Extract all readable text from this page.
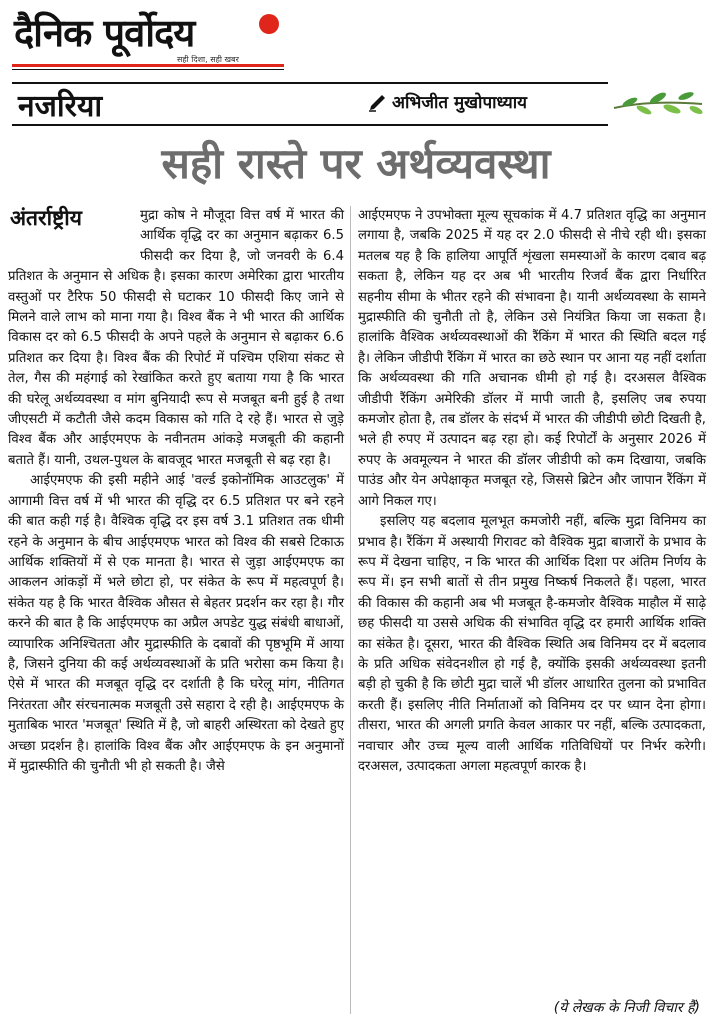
दैनिक पूर्वोदय
सही दिशा, सही खबर
नजरिया	अभिजीत मुखोपाध्याय
सही रास्ते पर अर्थव्यवस्था
अंतर्राष्ट्रीय	मुद्रा कोष ने मौजूदा वित्त वर्ष में भारत की आर्थिक वृद्धि दर का अनुमान बढ़ाकर 6.5 फीसदी कर दिया है, जो जनवरी के 6.4 प्रतिशत के अनुमान से अधिक है। इसका कारण अमेरिका द्वारा भारतीय वस्तुओं पर टैरिफ 50 फीसदी से घटाकर 10 फीसदी किए जाने से मिलने वाले लाभ को माना गया है। विश्व बैंक ने भी भारत की आर्थिक विकास दर को 6.5 फीसदी के अपने पहले के अनुमान से बढ़ाकर 6.6 प्रतिशत कर दिया है। विश्व बैंक की रिपोर्ट में पश्चिम एशिया संकट से तेल, गैस की महंगाई को रेखांकित करते हुए बताया गया है कि भारत की घरेलू अर्थव्यवस्था व मांग बुनियादी रूप से मजबूत बनी हुई है तथा जीएसटी में कटौती जैसे कदम विकास को गति दे रहे हैं। भारत से जुड़े विश्व बैंक और आईएमएफ के नवीनतम आंकड़े मजबूती की कहानी बताते हैं। यानी, उथल-पुथल के बावजूद भारत मजबूती से बढ़ रहा है।

आईएमएफ की इसी महीने आई 'वर्ल्ड इकोनॉमिक आउटलुक' में आगामी वित्त वर्ष में भी भारत की वृद्धि दर 6.5 प्रतिशत पर बने रहने की बात कही गई है। वैश्विक वृद्धि दर इस वर्ष 3.1 प्रतिशत तक धीमी रहने के अनुमान के बीच आईएमएफ भारत को विश्व की सबसे टिकाऊ आर्थिक शक्तियों में से एक मानता है। भारत से जुड़ा आईएमएफ का आकलन आंकड़ों में भले छोटा हो, पर संकेत के रूप में महत्वपूर्ण है। संकेत यह है कि भारत वैश्विक औसत से बेहतर प्रदर्शन कर रहा है। गौर करने की बात है कि आईएमएफ का अप्रैल अपडेट युद्ध संबंधी बाधाओं, व्यापारिक अनिश्चितता और मुद्रास्फीति के दबावों की पृष्ठभूमि में आया है, जिसने दुनिया की कई अर्थव्यवस्थाओं के प्रति भरोसा कम किया है। ऐसे में भारत की मजबूत वृद्धि दर दर्शाती है कि घरेलू मांग, नीतिगत निरंतरता और संरचनात्मक मजबूती उसे सहारा दे रही है। आईएमएफ के मुताबिक भारत 'मजबूत' स्थिति में है, जो बाहरी अस्थिरता को देखते हुए अच्छा प्रदर्शन है। हालांकि विश्व बैंक और आईएमएफ के इन अनुमानों में मुद्रास्फीति की चुनौती भी हो सकती है। जैसे

आईएमएफ ने उपभोक्ता मूल्य सूचकांक में 4.7 प्रतिशत वृद्धि का अनुमान लगाया है, जबकि 2025 में यह दर 2.0 फीसदी से नीचे रही थी। इसका मतलब यह है कि हालिया आपूर्ति शृंखला समस्याओं के कारण दबाव बढ़ सकता है, लेकिन यह दर अब भी भारतीय रिजर्व बैंक द्वारा निर्धारित सहनीय सीमा के भीतर रहने की संभावना है। यानी अर्थव्यवस्था के सामने मुद्रास्फीति की चुनौती तो है, लेकिन उसे नियंत्रित किया जा सकता है। हालांकि वैश्विक अर्थव्यवस्थाओं की रैंकिंग में भारत की स्थिति बदल गई है। लेकिन जीडीपी रैंकिंग में भारत का छठे स्थान पर आना यह नहीं दर्शाता कि अर्थव्यवस्था की गति अचानक धीमी हो गई है। दरअसल वैश्विक जीडीपी रैंकिंग अमेरिकी डॉलर में मापी जाती है, इसलिए जब रुपया कमजोर होता है, तब डॉलर के संदर्भ में भारत की जीडीपी छोटी दिखती है, भले ही रुपए में उत्पादन बढ़ रहा हो। कई रिपोर्टों के अनुसार 2026 में रुपए के अवमूल्यन ने भारत की डॉलर जीडीपी को कम दिखाया, जबकि पाउंड और येन अपेक्षाकृत मजबूत रहे, जिससे ब्रिटेन और जापान रैंकिंग में आगे निकल गए।

इसलिए यह बदलाव मूलभूत कमजोरी नहीं, बल्कि मुद्रा विनिमय का प्रभाव है। रैंकिंग में अस्थायी गिरावट को वैश्विक मुद्रा बाजारों के प्रभाव के रूप में देखना चाहिए, न कि भारत की आर्थिक दिशा पर अंतिम निर्णय के रूप में। इन सभी बातों से तीन प्रमुख निष्कर्ष निकलते हैं। पहला, भारत की विकास की कहानी अब भी मजबूत है-कमजोर वैश्विक माहौल में साढ़े छह फीसदी या उससे अधिक की संभावित वृद्धि दर हमारी आर्थिक शक्ति का संकेत है। दूसरा, भारत की वैश्विक स्थिति अब विनिमय दर में बदलाव के प्रति अधिक संवेदनशील हो गई है, क्योंकि इसकी अर्थव्यवस्था इतनी बड़ी हो चुकी है कि छोटी मुद्रा चालें भी डॉलर आधारित तुलना को प्रभावित करती हैं। इसलिए नीति निर्माताओं को विनिमय दर पर ध्यान देना होगा। तीसरा, भारत की अगली प्रगति केवल आकार पर नहीं, बल्कि उत्पादकता, नवाचार और उच्च मूल्य वाली आर्थिक गतिविधियों पर निर्भर करेगी। दरअसल, उत्पादकता अगला महत्वपूर्ण कारक है।

(ये लेखक के निजी विचार हैं)
